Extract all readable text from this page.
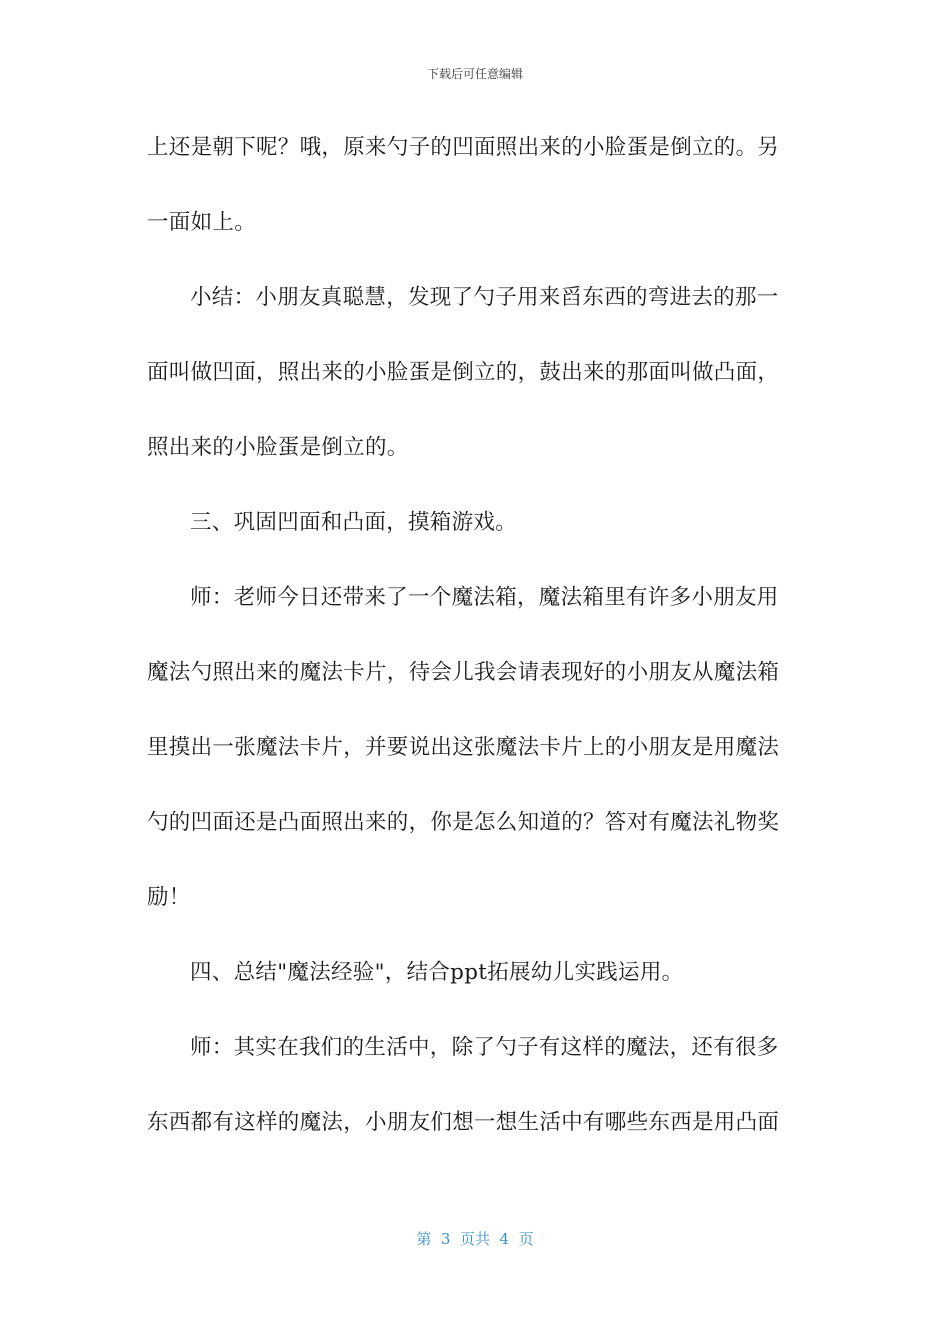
下载后可任意编辑
上还是朝下呢？哦，原来勺子的凹面照出来的小脸蛋是倒立的。另
一面如上。
小结：小朋友真聪慧，发现了勺子用来舀东西的弯进去的那一
面叫做凹面，照出来的小脸蛋是倒立的，鼓出来的那面叫做凸面，
照出来的小脸蛋是倒立的。
三、巩固凹面和凸面，摸箱游戏。
师：老师今日还带来了一个魔法箱，魔法箱里有许多小朋友用
魔法勺照出来的魔法卡片，待会儿我会请表现好的小朋友从魔法箱
里摸出一张魔法卡片，并要说出这张魔法卡片上的小朋友是用魔法
勺的凹面还是凸面照出来的，你是怎么知道的？答对有魔法礼物奖
励！
四、总结"魔法经验"，结合ppt拓展幼儿实践运用。
师：其实在我们的生活中，除了勺子有这样的魔法，还有很多
东西都有这样的魔法，小朋友们想一想生活中有哪些东西是用凸面
第  3  页共  4  页
